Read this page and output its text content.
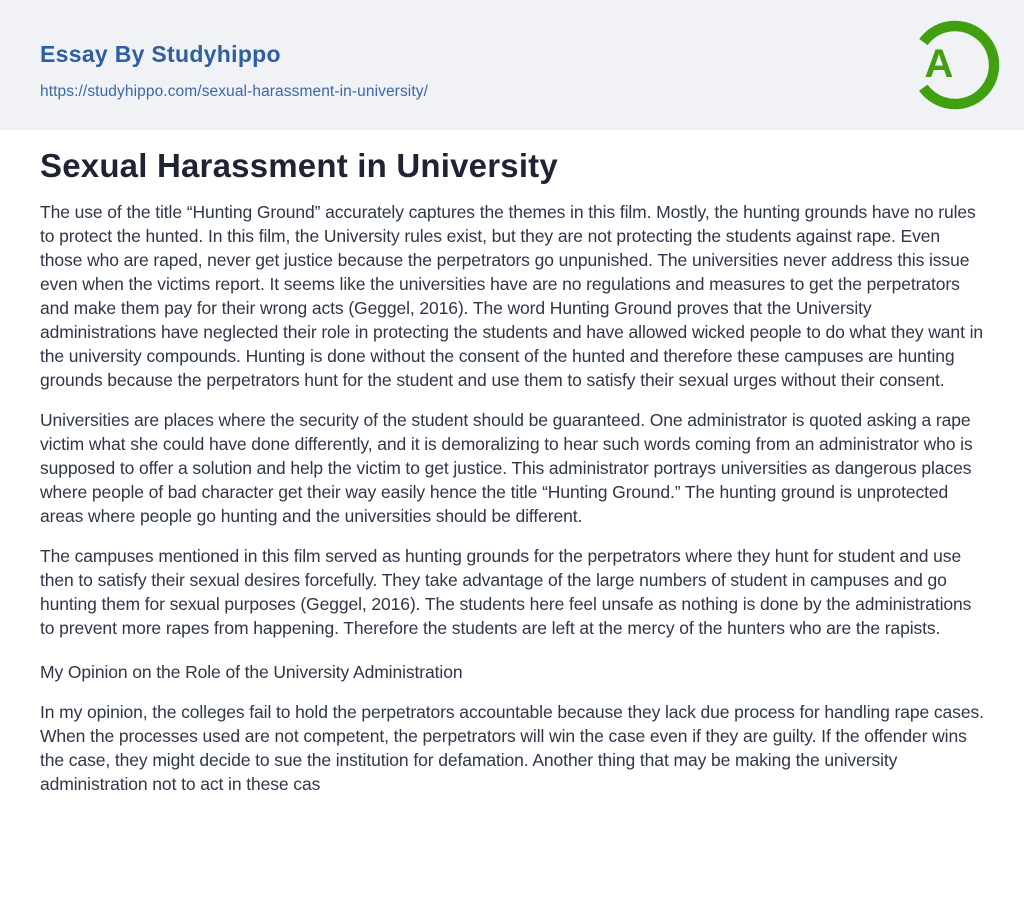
Essay By Studyhippo
https://studyhippo.com/sexual-harassment-in-university/
A
Sexual Harassment in University

The use of the title “Hunting Ground” accurately captures the themes in this film. Mostly, the hunting grounds have no rules to protect the hunted. In this film, the University rules exist, but they are not protecting the students against rape. Even those who are raped, never get justice because the perpetrators go unpunished. The universities never address this issue even when the victims report. It seems like the universities have are no regulations and measures to get the perpetrators and make them pay for their wrong acts (Geggel, 2016). The word Hunting Ground proves that the University administrations have neglected their role in protecting the students and have allowed wicked people to do what they want in the university compounds. Hunting is done without the consent of the hunted and therefore these campuses are hunting grounds because the perpetrators hunt for the student and use them to satisfy their sexual urges without their consent.

Universities are places where the security of the student should be guaranteed. One administrator is quoted asking a rape victim what she could have done differently, and it is demoralizing to hear such words coming from an administrator who is supposed to offer a solution and help the victim to get justice. This administrator portrays universities as dangerous places where people of bad character get their way easily hence the title “Hunting Ground.” The hunting ground is unprotected areas where people go hunting and the universities should be different.

The campuses mentioned in this film served as hunting grounds for the perpetrators where they hunt for student and use then to satisfy their sexual desires forcefully. They take advantage of the large numbers of student in campuses and go hunting them for sexual purposes (Geggel, 2016). The students here feel unsafe as nothing is done by the administrations to prevent more rapes from happening. Therefore the students are left at the mercy of the hunters who are the rapists.

My Opinion on the Role of the University Administration

In my opinion, the colleges fail to hold the perpetrators accountable because they lack due process for handling rape cases. When the processes used are not competent, the perpetrators will win the case even if they are guilty. If the offender wins the case, they might decide to sue the institution for defamation. Another thing that may be making the university administration not to act in these cas
